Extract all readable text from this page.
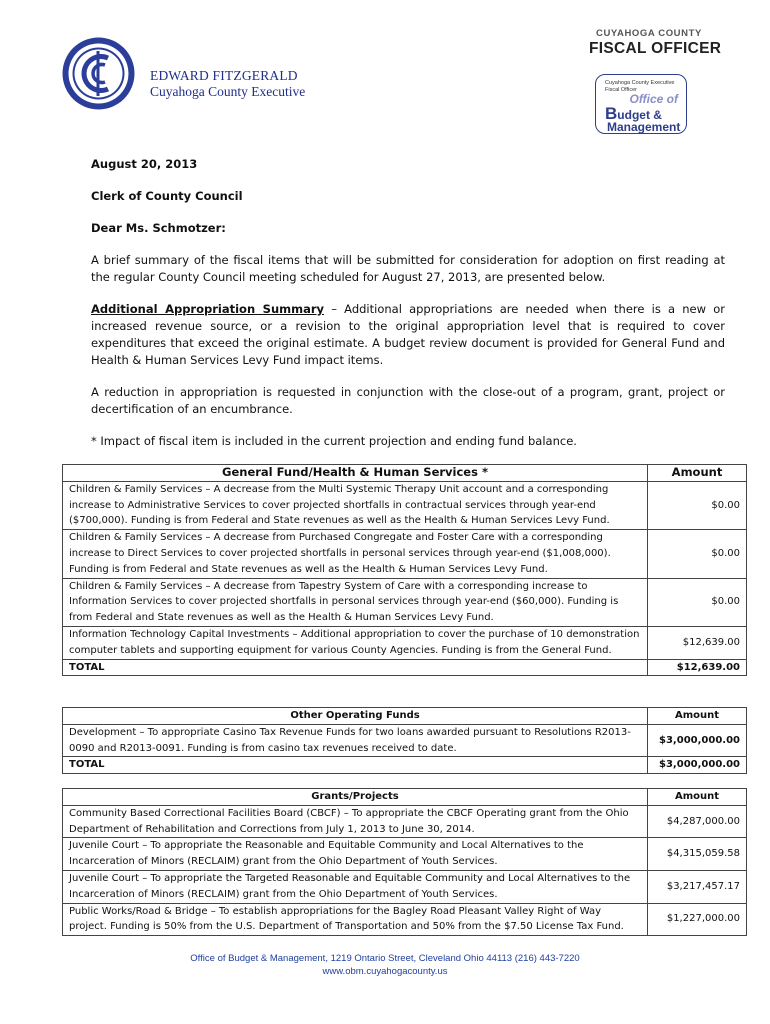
EDWARD FITZGERALD
Cuyahoga County Executive
CUYAHOGA COUNTY
FISCAL OFFICER
Cuyahoga County Executive
Fiscal Officer
Office of
Budget &
Management
August 20, 2013
Clerk of County Council
Dear Ms. Schmotzer:
A brief summary of the fiscal items that will be submitted for consideration for adoption on first reading at the regular County Council meeting scheduled for August 27, 2013, are presented below.
Additional Appropriation Summary – Additional appropriations are needed when there is a new or increased revenue source, or a revision to the original appropriation level that is required to cover expenditures that exceed the original estimate. A budget review document is provided for General Fund and Health & Human Services Levy Fund impact items.
A reduction in appropriation is requested in conjunction with the close-out of a program, grant, project or decertification of an encumbrance.
* Impact of fiscal item is included in the current projection and ending fund balance.
General Fund/Health & Human Services *	Amount
Children & Family Services – A decrease from the Multi Systemic Therapy Unit account and a corresponding increase to Administrative Services to cover projected shortfalls in contractual services through year-end ($700,000). Funding is from Federal and State revenues as well as the Health & Human Services Levy Fund.	$0.00
Children & Family Services – A decrease from Purchased Congregate and Foster Care with a corresponding increase to Direct Services to cover projected shortfalls in personal services through year-end ($1,008,000). Funding is from Federal and State revenues as well as the Health & Human Services Levy Fund.	$0.00
Children & Family Services – A decrease from Tapestry System of Care with a corresponding increase to Information Services to cover projected shortfalls in personal services through year-end ($60,000). Funding is from Federal and State revenues as well as the Health & Human Services Levy Fund.	$0.00
Information Technology Capital Investments – Additional appropriation to cover the purchase of 10 demonstration computer tablets and supporting equipment for various County Agencies. Funding is from the General Fund.	$12,639.00
TOTAL	$12,639.00
Other Operating Funds	Amount
Development – To appropriate Casino Tax Revenue Funds for two loans awarded pursuant to Resolutions R2013-0090 and R2013-0091. Funding is from casino tax revenues received to date.	$3,000,000.00
TOTAL	$3,000,000.00
Grants/Projects	Amount
Community Based Correctional Facilities Board (CBCF) – To appropriate the CBCF Operating grant from the Ohio Department of Rehabilitation and Corrections from July 1, 2013 to June 30, 2014.	$4,287,000.00
Juvenile Court – To appropriate the Reasonable and Equitable Community and Local Alternatives to the Incarceration of Minors (RECLAIM) grant from the Ohio Department of Youth Services.	$4,315,059.58
Juvenile Court – To appropriate the Targeted Reasonable and Equitable Community and Local Alternatives to the Incarceration of Minors (RECLAIM) grant from the Ohio Department of Youth Services.	$3,217,457.17
Public Works/Road & Bridge – To establish appropriations for the Bagley Road Pleasant Valley Right of Way project. Funding is 50% from the U.S. Department of Transportation and 50% from the $7.50 License Tax Fund.	$1,227,000.00
Office of Budget & Management, 1219 Ontario Street, Cleveland Ohio 44113 (216) 443-7220
www.obm.cuyahogacounty.us
